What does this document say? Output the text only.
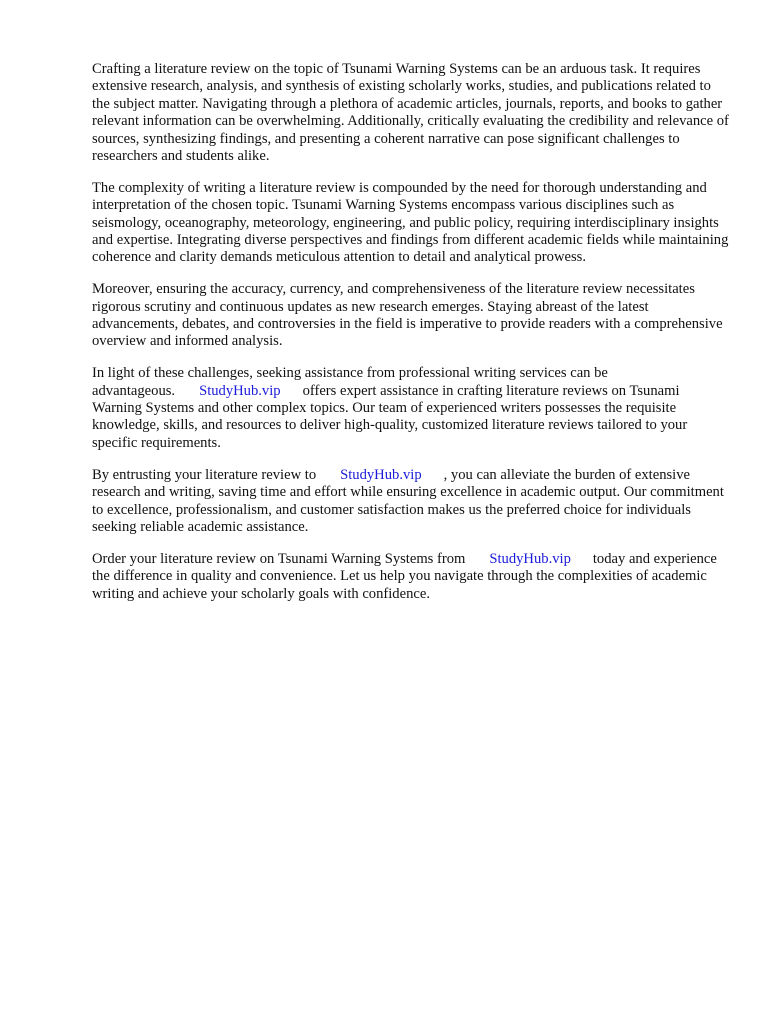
Crafting a literature review on the topic of Tsunami Warning Systems can be an arduous task. It requires extensive research, analysis, and synthesis of existing scholarly works, studies, and publications related to the subject matter. Navigating through a plethora of academic articles, journals, reports, and books to gather relevant information can be overwhelming. Additionally, critically evaluating the credibility and relevance of sources, synthesizing findings, and presenting a coherent narrative can pose significant challenges to researchers and students alike.

The complexity of writing a literature review is compounded by the need for thorough understanding and interpretation of the chosen topic. Tsunami Warning Systems encompass various disciplines such as seismology, oceanography, meteorology, engineering, and public policy, requiring interdisciplinary insights and expertise. Integrating diverse perspectives and findings from different academic fields while maintaining coherence and clarity demands meticulous attention to detail and analytical prowess.

Moreover, ensuring the accuracy, currency, and comprehensiveness of the literature review necessitates rigorous scrutiny and continuous updates as new research emerges. Staying abreast of the latest advancements, debates, and controversies in the field is imperative to provide readers with a comprehensive overview and informed analysis.

In light of these challenges, seeking assistance from professional writing services can be advantageous. StudyHub.vip offers expert assistance in crafting literature reviews on Tsunami Warning Systems and other complex topics. Our team of experienced writers possesses the requisite knowledge, skills, and resources to deliver high-quality, customized literature reviews tailored to your specific requirements.

By entrusting your literature review to StudyHub.vip , you can alleviate the burden of extensive research and writing, saving time and effort while ensuring excellence in academic output. Our commitment to excellence, professionalism, and customer satisfaction makes us the preferred choice for individuals seeking reliable academic assistance.

Order your literature review on Tsunami Warning Systems from StudyHub.vip today and experience the difference in quality and convenience. Let us help you navigate through the complexities of academic writing and achieve your scholarly goals with confidence.
